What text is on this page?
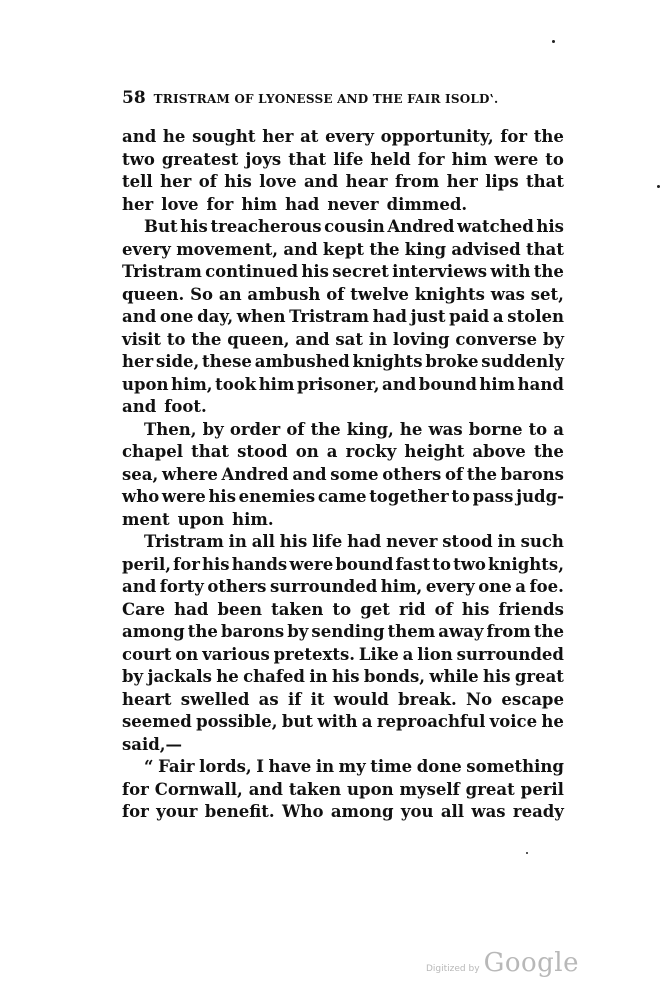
58 TRISTRAM OF LYONESSE AND THE FAIR ISOLDʽ.
and he sought her at every opportunity, for the
two greatest joys that life held for him were to
tell her of his love and hear from her lips that
her love for him had never dimmed.
But his treacherous cousin Andred watched his
every movement, and kept the king advised that
Tristram continued his secret interviews with the
queen. So an ambush of twelve knights was set,
and one day, when Tristram had just paid a stolen
visit to the queen, and sat in loving converse by
her side, these ambushed knights broke suddenly
upon him, took him prisoner, and bound him hand
and foot.
Then, by order of the king, he was borne to a
chapel that stood on a rocky height above the
sea, where Andred and some others of the barons
who were his enemies came together to pass judg-
ment upon him.
Tristram in all his life had never stood in such
peril, for his hands were bound fast to two knights,
and forty others surrounded him, every one a foe.
Care had been taken to get rid of his friends
among the barons by sending them away from the
court on various pretexts. Like a lion surrounded
by jackals he chafed in his bonds, while his great
heart swelled as if it would break. No escape
seemed possible, but with a reproachful voice he
said,—
“ Fair lords, I have in my time done something
for Cornwall, and taken upon myself great peril
for your benefit. Who among you all was ready
Digitized by Google
